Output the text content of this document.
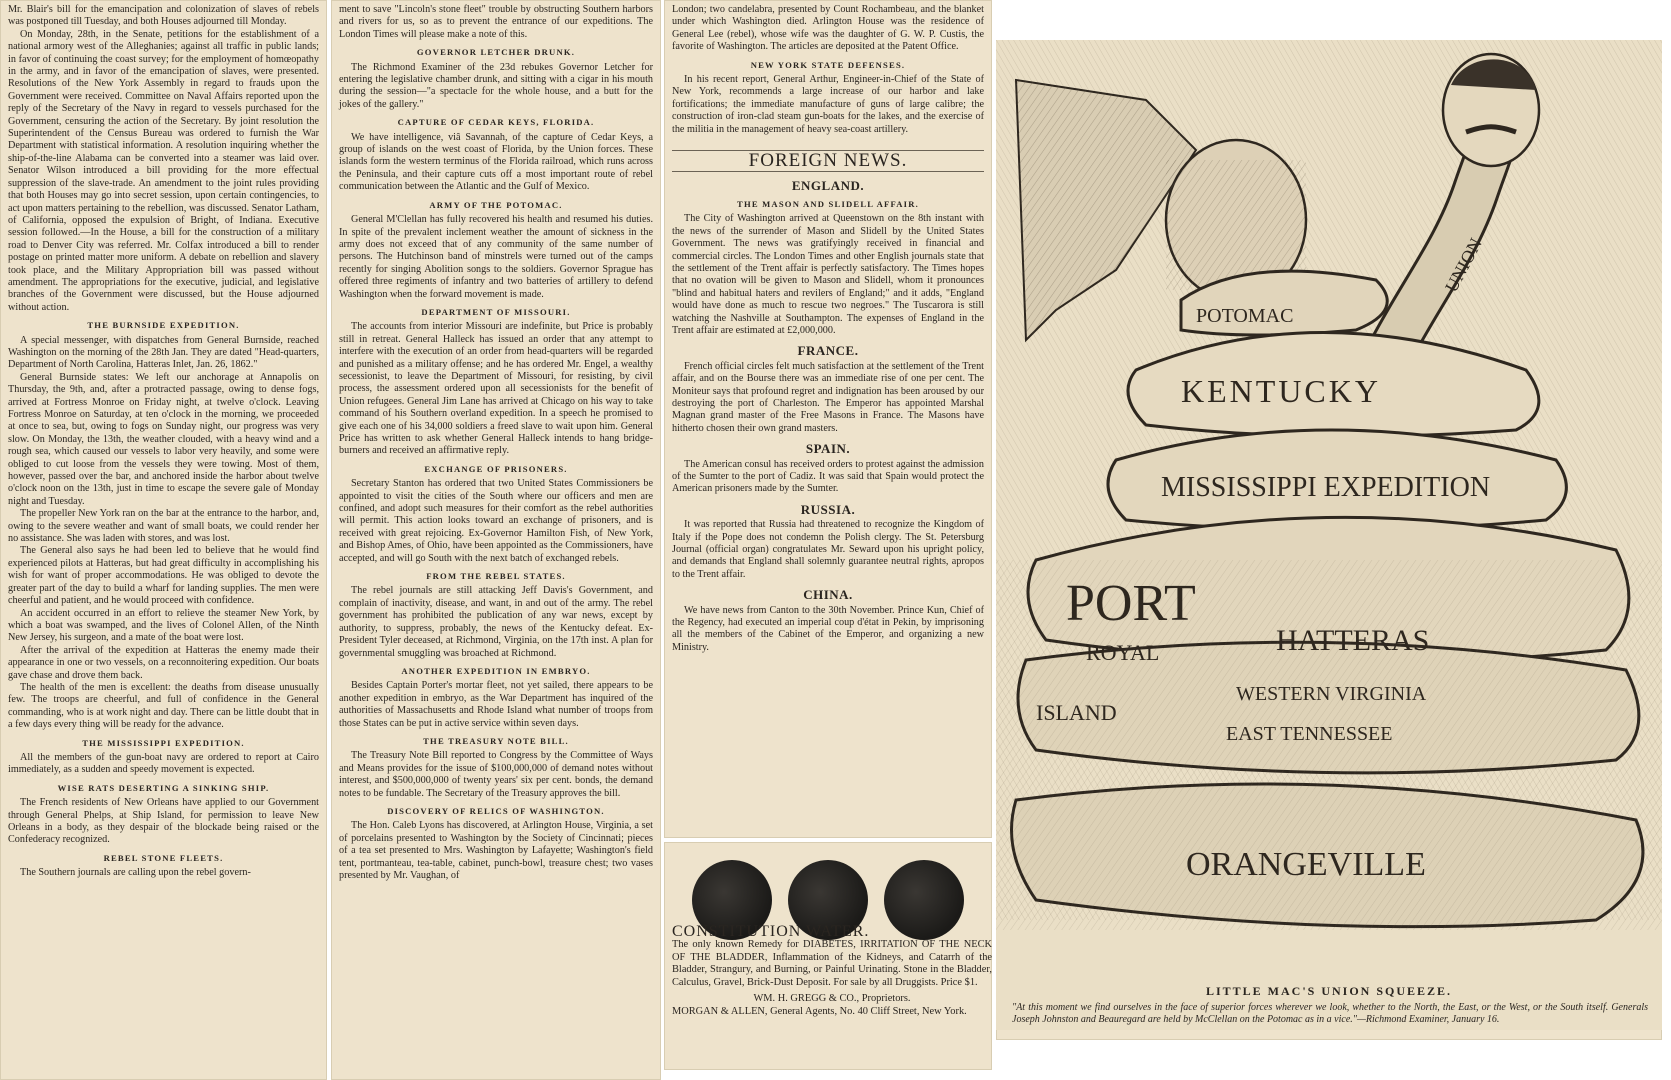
Mr. Blair's bill for the emancipation and colonization of slaves of rebels was postponed till Tuesday, and both Houses adjourned till Monday.

On Monday, 28th, in the Senate, petitions for the establishment of a national armory west of the Alleghanies; against all traffic in public lands; in favor of continuing the coast survey; for the employment of homœopathy in the army, and in favor of the emancipation of slaves, were presented. Resolutions of the New York Assembly in regard to frauds upon the Government were received. Committee on Naval Affairs reported upon the reply of the Secretary of the Navy in regard to vessels purchased for the Government, censuring the action of the Secretary. By joint resolution the Superintendent of the Census Bureau was ordered to furnish the War Department with statistical information. A resolution inquiring whether the ship-of-the-line Alabama can be converted into a steamer was laid over. Senator Wilson introduced a bill providing for the more effectual suppression of the slave-trade. An amendment to the joint rules providing that both Houses may go into secret session, upon certain contingencies, to act upon matters pertaining to the rebellion, was discussed. Senator Latham, of California, opposed the expulsion of Bright, of Indiana. Executive session followed.—In the House, a bill for the construction of a military road to Denver City was referred. Mr. Colfax introduced a bill to render postage on printed matter more uniform. A debate on rebellion and slavery took place, and the Military Appropriation bill was passed without amendment. The appropriations for the executive, judicial, and legislative branches of the Government were discussed, but the House adjourned without action.

THE BURNSIDE EXPEDITION.

A special messenger, with dispatches from General Burnside, reached Washington on the morning of the 28th Jan. They are dated "Head-quarters, Department of North Carolina, Hatteras Inlet, Jan. 26, 1862."

General Burnside states: We left our anchorage at Annapolis on Thursday, the 9th, and, after a protracted passage, owing to dense fogs, arrived at Fortress Monroe on Friday night, at twelve o'clock. Leaving Fortress Monroe on Saturday, at ten o'clock in the morning, we proceeded at once to sea, but, owing to fogs on Sunday night, our progress was very slow. On Monday, the 13th, the weather clouded, with a heavy wind and a rough sea, which caused our vessels to labor very heavily, and some were obliged to cut loose from the vessels they were towing. Most of them, however, passed over the bar, and anchored inside the harbor about twelve o'clock noon on the 13th, just in time to escape the severe gale of Monday night and Tuesday.

The propeller New York ran on the bar at the entrance to the harbor, and, owing to the severe weather and want of small boats, we could render her no assistance. She was laden with stores, and was lost.

The General also says he had been led to believe that he would find experienced pilots at Hatteras, but had great difficulty in accomplishing his wish for want of proper accommodations. He was obliged to devote the greater part of the day to build a wharf for landing supplies. The men were cheerful and patient, and he would proceed with confidence.

An accident occurred in an effort to relieve the steamer New York, by which a boat was swamped, and the lives of Colonel Allen, of the Ninth New Jersey, his surgeon, and a mate of the boat were lost.

After the arrival of the expedition at Hatteras the enemy made their appearance in one or two vessels, on a reconnoitering expedition. Our boats gave chase and drove them back.

The health of the men is excellent: the deaths from disease unusually few. The troops are cheerful, and full of confidence in the General commanding, who is at work night and day. There can be little doubt that in a few days every thing will be ready for the advance.

THE MISSISSIPPI EXPEDITION.

All the members of the gun-boat navy are ordered to report at Cairo immediately, as a sudden and speedy movement is expected.

WISE RATS DESERTING A SINKING SHIP.

The French residents of New Orleans have applied to our Government through General Phelps, at Ship Island, for permission to leave New Orleans in a body, as they despair of the blockade being raised or the Confederacy recognized.

REBEL STONE FLEETS.

The Southern journals are calling upon the rebel govern-

ment to save "Lincoln's stone fleet" trouble by obstructing Southern harbors and rivers for us, so as to prevent the entrance of our expeditions. The London Times will please make a note of this.

GOVERNOR LETCHER DRUNK.

The Richmond Examiner of the 23d rebukes Governor Letcher for entering the legislative chamber drunk, and sitting with a cigar in his mouth during the session—"a spectacle for the whole house, and a butt for the jokes of the gallery."

CAPTURE OF CEDAR KEYS, FLORIDA.

We have intelligence, viâ Savannah, of the capture of Cedar Keys, a group of islands on the west coast of Florida, by the Union forces. These islands form the western terminus of the Florida railroad, which runs across the Peninsula, and their capture cuts off a most important route of rebel communication between the Atlantic and the Gulf of Mexico.

ARMY OF THE POTOMAC.

General M'Clellan has fully recovered his health and resumed his duties. In spite of the prevalent inclement weather the amount of sickness in the army does not exceed that of any community of the same number of persons. The Hutchinson band of minstrels were turned out of the camps recently for singing Abolition songs to the soldiers. Governor Sprague has offered three regiments of infantry and two batteries of artillery to defend Washington when the forward movement is made.

DEPARTMENT OF MISSOURI.

The accounts from interior Missouri are indefinite, but Price is probably still in retreat. General Halleck has issued an order that any attempt to interfere with the execution of an order from head-quarters will be regarded and punished as a military offense; and he has ordered Mr. Engel, a wealthy secessionist, to leave the Department of Missouri, for resisting, by civil process, the assessment ordered upon all secessionists for the benefit of Union refugees. General Jim Lane has arrived at Chicago on his way to take command of his Southern overland expedition. In a speech he promised to give each one of his 34,000 soldiers a freed slave to wait upon him. General Price has written to ask whether General Halleck intends to hang bridge-burners and received an affirmative reply.

EXCHANGE OF PRISONERS.

Secretary Stanton has ordered that two United States Commissioners be appointed to visit the cities of the South where our officers and men are confined, and adopt such measures for their comfort as the rebel authorities will permit. This action looks toward an exchange of prisoners, and is received with great rejoicing. Ex-Governor Hamilton Fish, of New York, and Bishop Ames, of Ohio, have been appointed as the Commissioners, have accepted, and will go South with the next batch of exchanged rebels.

FROM THE REBEL STATES.

The rebel journals are still attacking Jeff Davis's Government, and complain of inactivity, disease, and want, in and out of the army. The rebel government has prohibited the publication of any war news, except by authority, to suppress, probably, the news of the Kentucky defeat. Ex-President Tyler deceased, at Richmond, Virginia, on the 17th inst. A plan for governmental smuggling was broached at Richmond.

ANOTHER EXPEDITION IN EMBRYO.

Besides Captain Porter's mortar fleet, not yet sailed, there appears to be another expedition in embryo, as the War Department has inquired of the authorities of Massachusetts and Rhode Island what number of troops from those States can be put in active service within seven days.

THE TREASURY NOTE BILL.

The Treasury Note Bill reported to Congress by the Committee of Ways and Means provides for the issue of $100,000,000 of demand notes without interest, and $500,000,000 of twenty years' six per cent. bonds, the demand notes to be fundable. The Secretary of the Treasury approves the bill.

DISCOVERY OF RELICS OF WASHINGTON.

The Hon. Caleb Lyons has discovered, at Arlington House, Virginia, a set of porcelains presented to Washington by the Society of Cincinnati; pieces of a tea set presented to Mrs. Washington by Lafayette; Washington's field tent, portmanteau, tea-table, cabinet, punch-bowl, treasure chest; two vases presented by Mr. Vaughan, of

London; two candelabra, presented by Count Rochambeau, and the blanket under which Washington died. Arlington House was the residence of General Lee (rebel), whose wife was the daughter of G. W. P. Custis, the favorite of Washington. The articles are deposited at the Patent Office.

NEW YORK STATE DEFENSES.

In his recent report, General Arthur, Engineer-in-Chief of the State of New York, recommends a large increase of our harbor and lake fortifications; the immediate manufacture of guns of large calibre; the construction of iron-clad steam gun-boats for the lakes, and the exercise of the militia in the management of heavy sea-coast artillery.

FOREIGN NEWS.
ENGLAND.
THE MASON AND SLIDELL AFFAIR.

The City of Washington arrived at Queenstown on the 8th instant with the news of the surrender of Mason and Slidell by the United States Government. The news was gratifyingly received in financial and commercial circles. The London Times and other English journals state that the settlement of the Trent affair is perfectly satisfactory. The Times hopes that no ovation will be given to Mason and Slidell, whom it pronounces "blind and habitual haters and revilers of England;" and it adds, "England would have done as much to rescue two negroes." The Tuscarora is still watching the Nashville at Southampton. The expenses of England in the Trent affair are estimated at £2,000,000.

FRANCE.

French official circles felt much satisfaction at the settlement of the Trent affair, and on the Bourse there was an immediate rise of one per cent. The Moniteur says that profound regret and indignation has been aroused by our destroying the port of Charleston. The Emperor has appointed Marshal Magnan grand master of the Free Masons in France. The Masons have hitherto chosen their own grand masters.

SPAIN.

The American consul has received orders to protest against the admission of the Sumter to the port of Cadiz. It was said that Spain would protect the American prisoners made by the Sumter.

RUSSIA.

It was reported that Russia had threatened to recognize the Kingdom of Italy if the Pope does not condemn the Polish clergy. The St. Petersburg Journal (official organ) congratulates Mr. Seward upon his upright policy, and demands that England shall solemnly guarantee neutral rights, apropos to the Trent affair.

CHINA.

We have news from Canton to the 30th November. Prince Kun, Chief of the Regency, had executed an imperial coup d'état in Pekin, by imprisoning all the members of the Cabinet of the Emperor, and organizing a new Ministry.

CONSTITUTION WATER.
The only known Remedy for DIABETES, IRRITATION OF THE NECK OF THE BLADDER, Inflammation of the Kidneys, and Catarrh of the Bladder, Strangury, and Burning, or Painful Urinating. Stone in the Bladder, Calculus, Gravel, Brick-Dust Deposit. For sale by all Druggists. Price $1.
WM. H. GREGG & CO., Proprietors.
MORGAN & ALLEN, General Agents, No. 40 Cliff Street, New York.
POTOMAC
KENTUCKY
MISSISSIPPI EXPEDITION
PORT
ROYAL	HATTERAS
ISLAND
WESTERN VIRGINIA
EAST TENNESSEE
ORANGEVILLE
UNION
LITTLE MAC'S UNION SQUEEZE.
"At this moment we find ourselves in the face of superior forces wherever we look, whether to the North, the East, or the West, or the South itself. Generals Joseph Johnston and Beauregard are held by McClellan on the Potomac as in a vice."—Richmond Examiner, January 16.
